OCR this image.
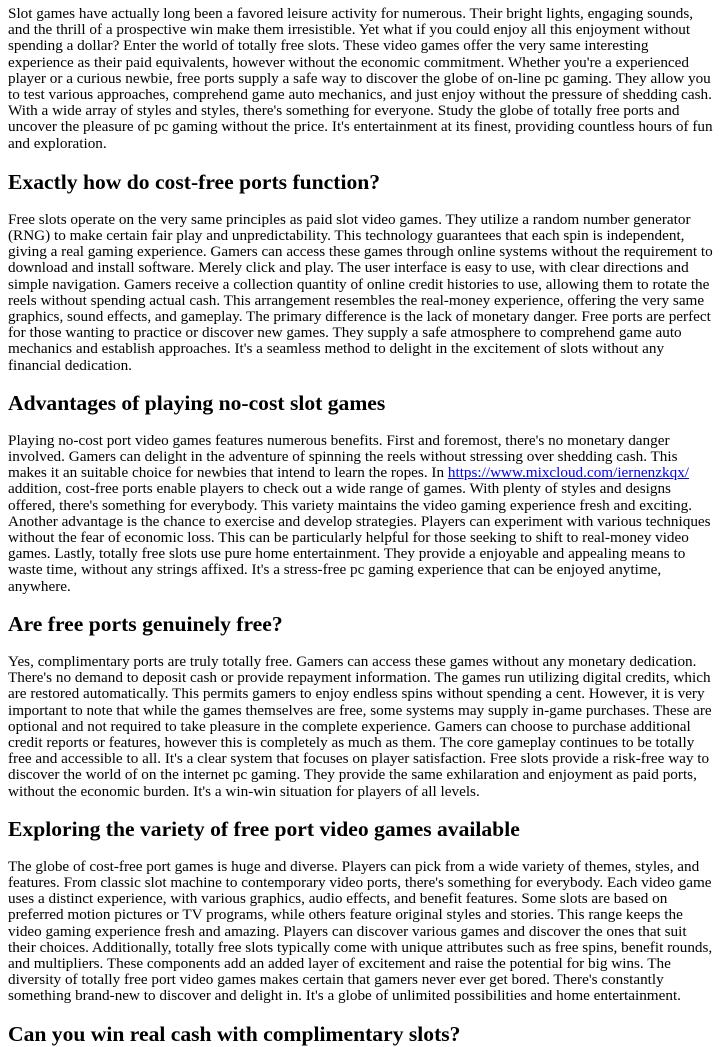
Slot games have actually long been a favored leisure activity for numerous. Their bright lights, engaging sounds, and the thrill of a prospective win make them irresistible. Yet what if you could enjoy all this enjoyment without spending a dollar? Enter the world of totally free slots. These video games offer the very same interesting experience as their paid equivalents, however without the economic commitment. Whether you're a experienced player or a curious newbie, free ports supply a safe way to discover the globe of on-line pc gaming. They allow you to test various approaches, comprehend game auto mechanics, and just enjoy without the pressure of shedding cash. With a wide array of styles and styles, there's something for everyone. Study the globe of totally free ports and uncover the pleasure of pc gaming without the price. It's entertainment at its finest, providing countless hours of fun and exploration.

Exactly how do cost-free ports function?

Free slots operate on the very same principles as paid slot video games. They utilize a random number generator (RNG) to make certain fair play and unpredictability. This technology guarantees that each spin is independent, giving a real gaming experience. Gamers can access these games through online systems without the requirement to download and install software. Merely click and play. The user interface is easy to use, with clear directions and simple navigation. Gamers receive a collection quantity of online credit histories to use, allowing them to rotate the reels without spending actual cash. This arrangement resembles the real-money experience, offering the very same graphics, sound effects, and gameplay. The primary difference is the lack of monetary danger. Free ports are perfect for those wanting to practice or discover new games. They supply a safe atmosphere to comprehend game auto mechanics and establish approaches. It's a seamless method to delight in the excitement of slots without any financial dedication.

Advantages of playing no-cost slot games

Playing no-cost port video games features numerous benefits. First and foremost, there's no monetary danger involved. Gamers can delight in the adventure of spinning the reels without stressing over shedding cash. This makes it an suitable choice for newbies that intend to learn the ropes. In https://www.mixcloud.com/iernenzkqx/ addition, cost-free ports enable players to check out a wide range of games. With plenty of styles and designs offered, there's something for everybody. This variety maintains the video gaming experience fresh and exciting. Another advantage is the chance to exercise and develop strategies. Players can experiment with various techniques without the fear of economic loss. This can be particularly helpful for those seeking to shift to real-money video games. Lastly, totally free slots use pure home entertainment. They provide a enjoyable and appealing means to waste time, without any strings affixed. It's a stress-free pc gaming experience that can be enjoyed anytime, anywhere.

Are free ports genuinely free?

Yes, complimentary ports are truly totally free. Gamers can access these games without any monetary dedication. There's no demand to deposit cash or provide repayment information. The games run utilizing digital credits, which are restored automatically. This permits gamers to enjoy endless spins without spending a cent. However, it is very important to note that while the games themselves are free, some systems may supply in-game purchases. These are optional and not required to take pleasure in the complete experience. Gamers can choose to purchase additional credit reports or features, however this is completely as much as them. The core gameplay continues to be totally free and accessible to all. It's a clear system that focuses on player satisfaction. Free slots provide a risk-free way to discover the world of on the internet pc gaming. They provide the same exhilaration and enjoyment as paid ports, without the economic burden. It's a win-win situation for players of all levels.

Exploring the variety of free port video games available

The globe of cost-free port games is huge and diverse. Players can pick from a wide variety of themes, styles, and features. From classic slot machine to contemporary video ports, there's something for everybody. Each video game uses a distinct experience, with various graphics, audio effects, and benefit features. Some slots are based on preferred motion pictures or TV programs, while others feature original styles and stories. This range keeps the video gaming experience fresh and amazing. Players can discover various games and discover the ones that suit their choices. Additionally, totally free slots typically come with unique attributes such as free spins, benefit rounds, and multipliers. These components add an added layer of excitement and raise the potential for big wins. The diversity of totally free port video games makes certain that gamers never ever get bored. There's constantly something brand-new to discover and delight in. It's a globe of unlimited possibilities and home entertainment.

Can you win real cash with complimentary slots?
